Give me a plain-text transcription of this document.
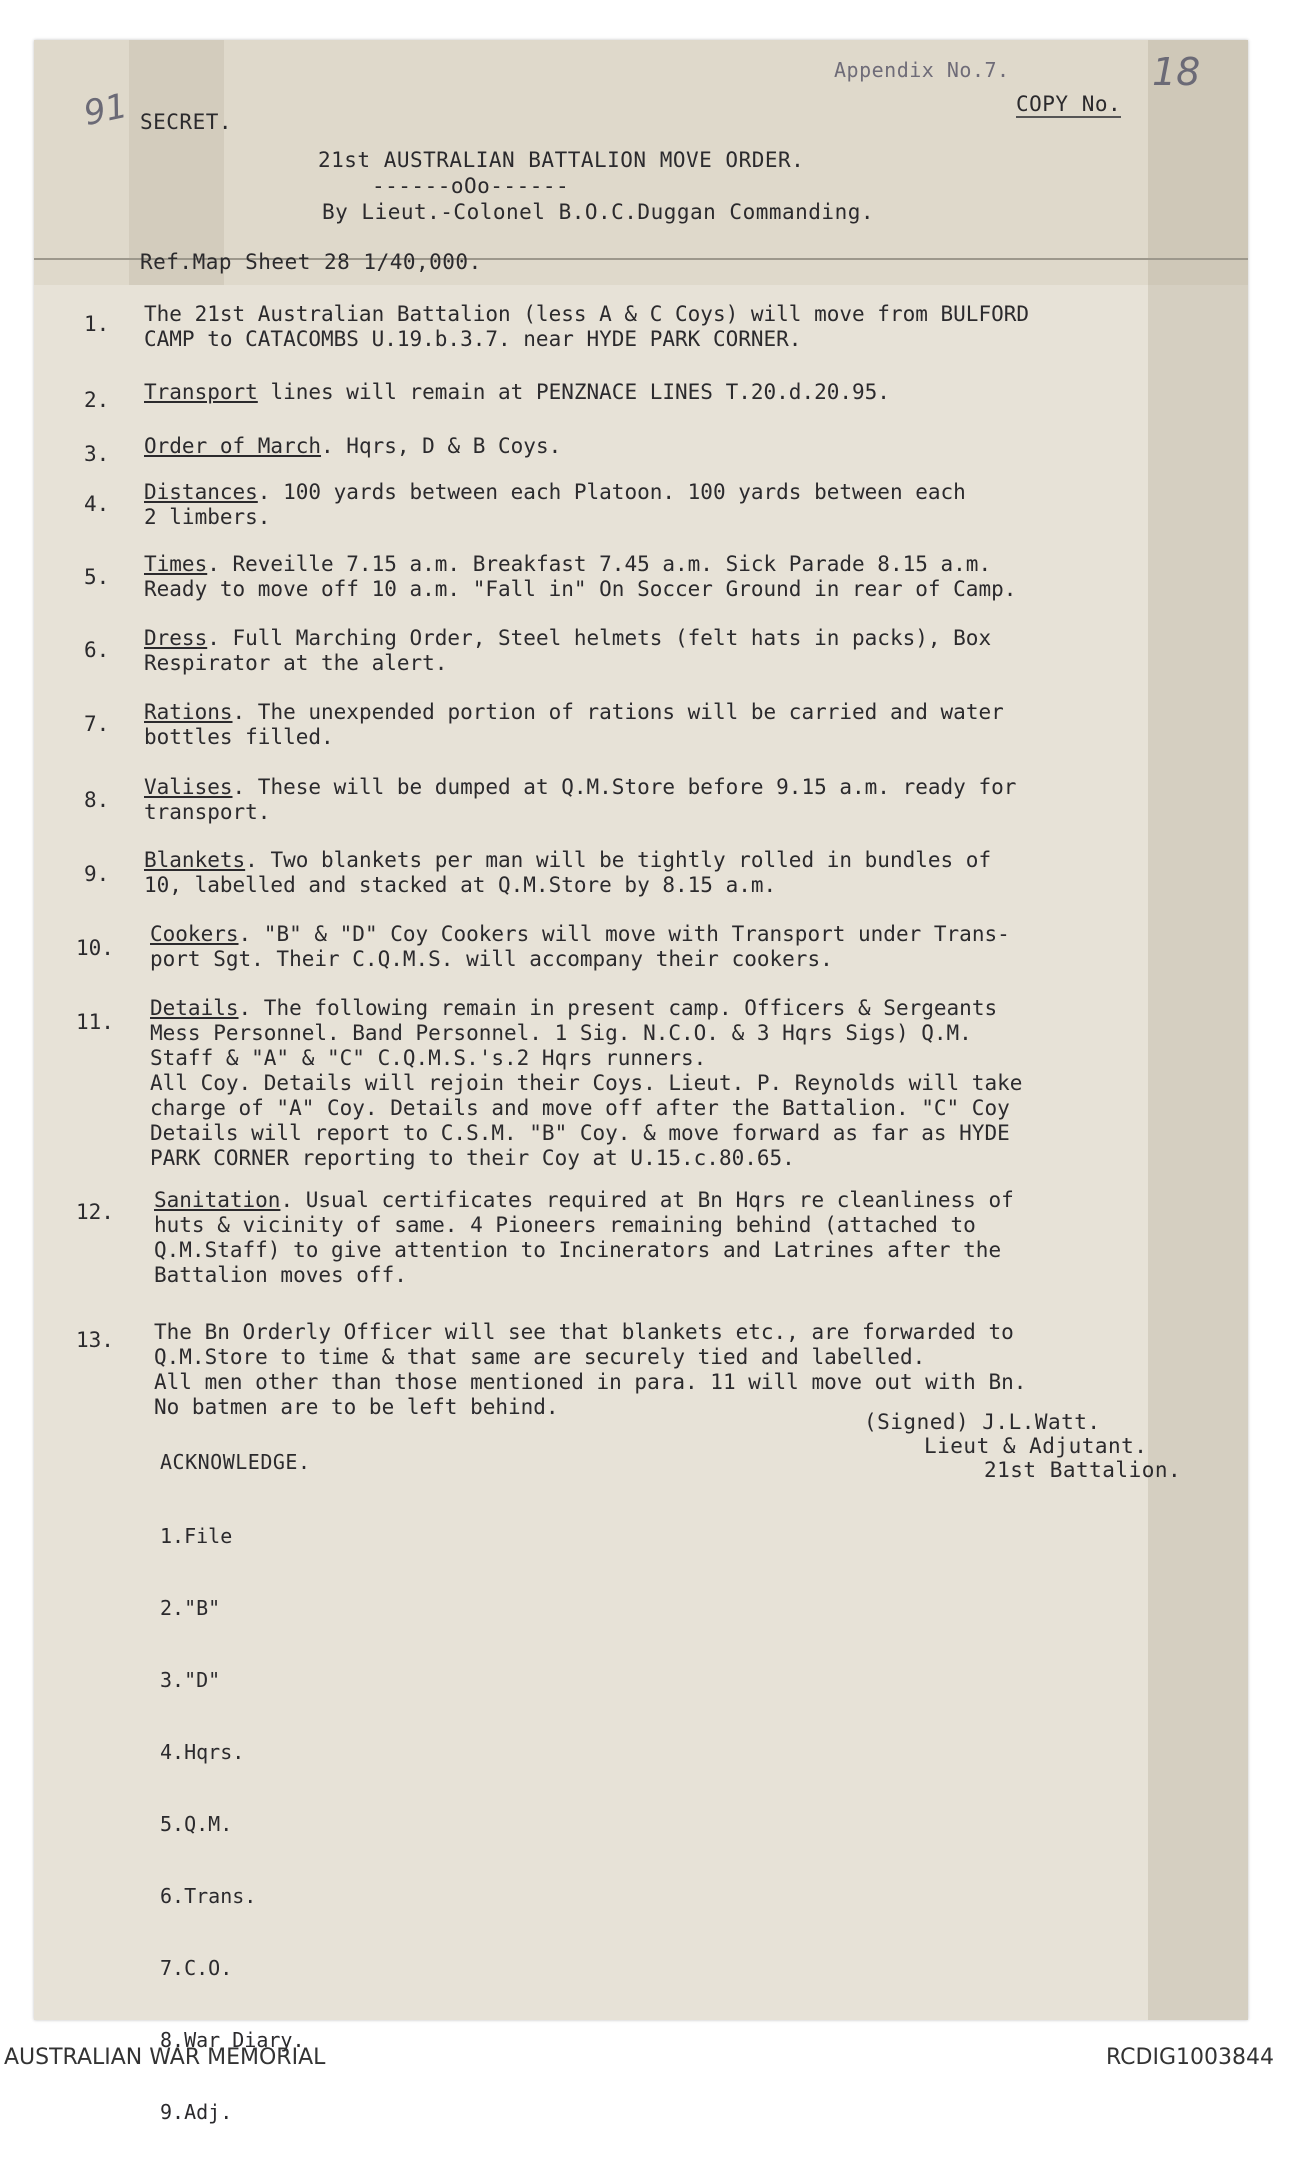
91
Appendix No.7.
COPY No.
18
SECRET.
21st AUSTRALIAN BATTALION MOVE ORDER.
------oOo------
By Lieut.-Colonel B.O.C.Duggan Commanding.
Ref.Map Sheet 28 1/40,000.
1. The 21st Australian Battalion (less A & C Coys) will move from BULFORD
CAMP to CATACOMBS U.19.b.3.7. near HYDE PARK CORNER.
2. Transport lines will remain at PENZNACE LINES T.20.d.20.95.
3. Order of March. Hqrs, D & B Coys.
4. Distances. 100 yards between each Platoon. 100 yards between each
2 limbers.
5.
Times. Reveille 7.15 a.m. Breakfast 7.45 a.m. Sick Parade 8.15 a.m.
Ready to move off 10 a.m. "Fall in" On Soccer Ground in rear of Camp.
6. Dress. Full Marching Order, Steel helmets (felt hats in packs), Box
Respirator at the alert.
7. Rations. The unexpended portion of rations will be carried and water
bottles filled.
8.
Valises. These will be dumped at Q.M.Store before 9.15 a.m. ready for
transport.
9.
Blankets. Two blankets per man will be tightly rolled in bundles of
10, labelled and stacked at Q.M.Store by 8.15 a.m.
10.
Cookers. "B" & "D" Coy Cookers will move with Transport under Trans-
port Sgt. Their C.Q.M.S. will accompany their cookers.
11.
Details. The following remain in present camp. Officers & Sergeants
Mess Personnel. Band Personnel. 1 Sig. N.C.O. & 3 Hqrs Sigs) Q.M.
Staff & "A" & "C" C.Q.M.S.'s.2 Hqrs runners.
All Coy. Details will rejoin their Coys. Lieut. P. Reynolds will take
charge of "A" Coy. Details and move off after the Battalion. "C" Coy
Details will report to C.S.M. "B" Coy. & move forward as far as HYDE
PARK CORNER reporting to their Coy at U.15.c.80.65.
12. Sanitation. Usual certificates required at Bn Hqrs re cleanliness of
huts & vicinity of same. 4 Pioneers remaining behind (attached to
Q.M.Staff) to give attention to Incinerators and Latrines after the
Battalion moves off.
13. The Bn Orderly Officer will see that blankets etc., are forwarded to
Q.M.Store to time & that same are securely tied and labelled.
All men other than those mentioned in para. 11 will move out with Bn.
No batmen are to be left behind.
(Signed) J.L.Watt.
Lieut & Adjutant.
21st Battalion.
ACKNOWLEDGE.

1.File

2."B"

3."D"

4.Hqrs.

5.Q.M.

6.Trans.

7.C.O.

8.War Diary.

9.Adj.

AUSTRALIAN WAR MEMORIAL	RCDIG1003844
